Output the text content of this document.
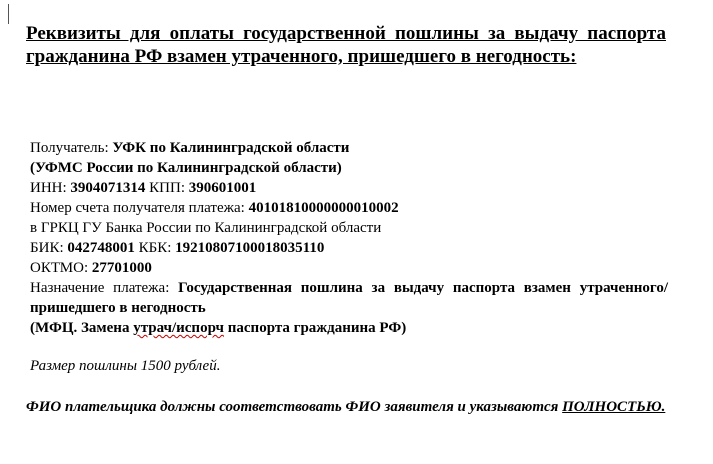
Реквизиты для оплаты государственной пошлины за выдачу паспорта гражданина РФ взамен утраченного, пришедшего в негодность:

Получатель: УФК по Калининградской области
(УФМС России по Калининградской области)
ИНН: 3904071314 КПП: 390601001
Номер счета получателя платежа: 40101810000000010002
в ГРКЦ ГУ Банка России по Калининградской области
БИК: 042748001 КБК: 19210807100018035110
ОКТМО: 27701000
Назначение платежа: Государственная пошлина за выдачу паспорта взамен утраченного/ пришедшего в негодность
(МФЦ. Замена утрач/испорч паспорта гражданина РФ)
Размер пошлины 1500 рублей.
ФИО плательщика должны соответствовать ФИО заявителя и указываются ПОЛНОСТЬЮ.
